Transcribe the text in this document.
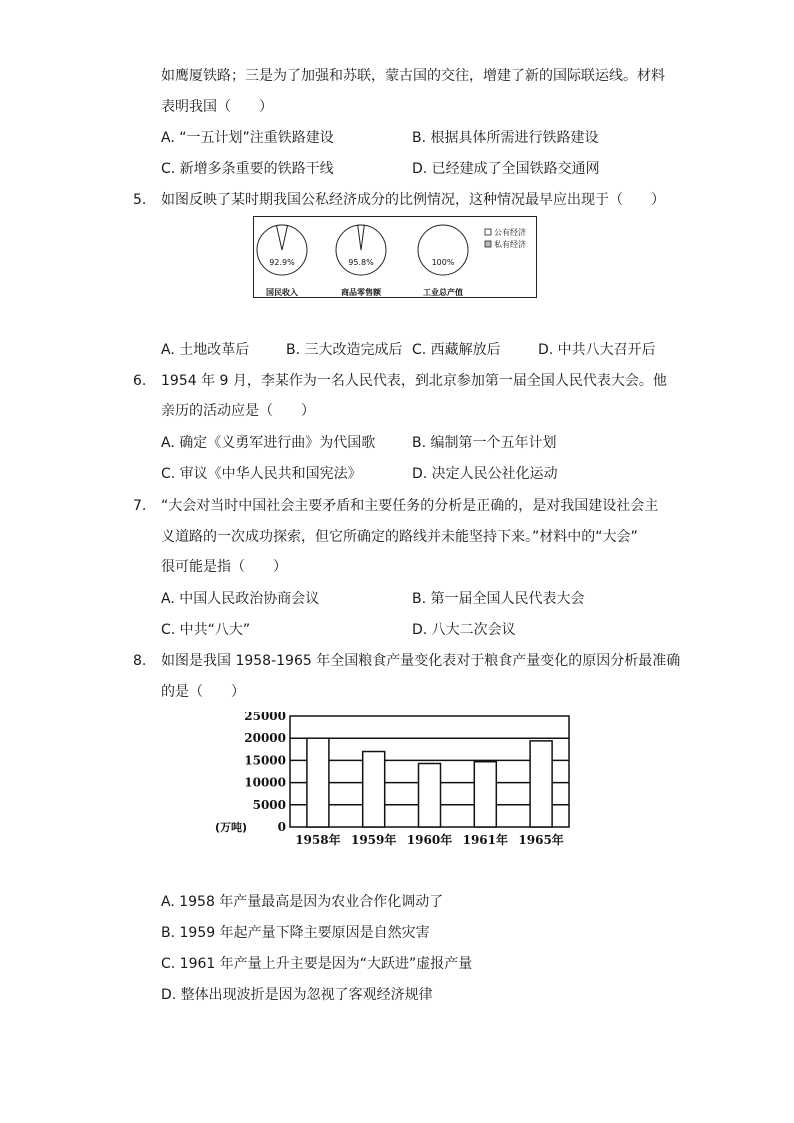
如鹰厦铁路；三是为了加强和苏联，蒙古国的交往，增建了新的国际联运线。材料
表明我国（　　）
A. “一五计划”注重铁路建设	B. 根据具体所需进行铁路建设
C. 新增多条重要的铁路干线	D. 已经建成了全国铁路交通网
5. 如图反映了某时期我国公私经济成分的比例情况，这种情况最早应出现于（　　）
92.9%
国民收入
95.8%
商品零售额
100%
工业总产值
公有经济
私有经济
A. 土地改革后	B. 三大改造完成后 C. 西藏解放后	D. 中共八大召开后
6. 1954 年 9 月，李某作为一名人民代表，到北京参加第一届全国人民代表大会。他
亲历的活动应是（　　）
A. 确定《义勇军进行曲》为代国歌	B. 编制第一个五年计划
C. 审议《中华人民共和国宪法》	D. 决定人民公社化运动
7. “大会对当时中国社会主要矛盾和主要任务的分析是正确的，是对我国建设社会主
义道路的一次成功探索，但它所确定的路线并未能坚持下来。”材料中的“大会”
很可能是指（　　）
A. 中国人民政治协商会议	B. 第一届全国人民代表大会
C. 中共“八大”	D. 八大二次会议
8. 如图是我国 1958-1965 年全国粮食产量变化表对于粮食产量变化的原因分析最准确
的是（　　）
25000
20000
15000
10000
5000
0
(万吨)
1958年 1959年 1960年 1961年 1965年
A. 1958 年产量最高是因为农业合作化调动了
B. 1959 年起产量下降主要原因是自然灾害
C. 1961 年产量上升主要是因为“大跃进”虚报产量
D. 整体出现波折是因为忽视了客观经济规律
